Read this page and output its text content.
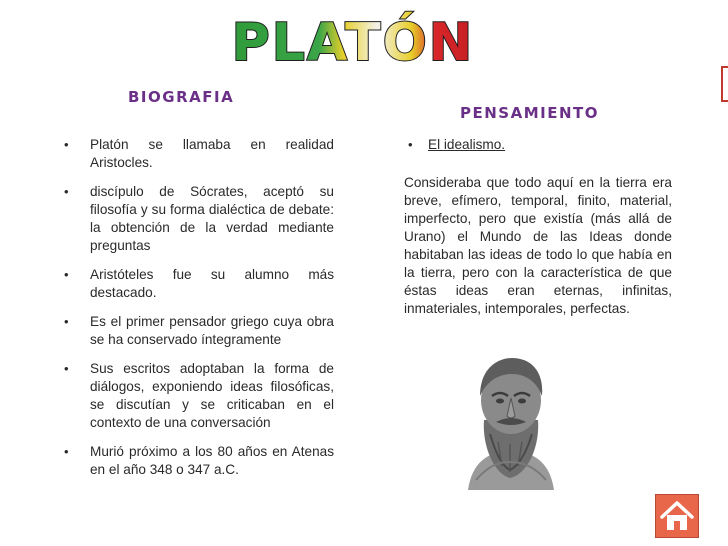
PLATÓN
BIOGRAFIA
PENSAMIENTO
• Platón se llamaba en realidad Aristocles.
• discípulo de Sócrates, aceptó su filosofía y su forma dialéctica de debate: la obtención de la verdad mediante preguntas
• Aristóteles fue su alumno más destacado.
• Es el primer pensador griego cuya obra se ha conservado íntegramente
• Sus escritos adoptaban la forma de diálogos, exponiendo ideas filosóficas, se discutían y se criticaban en el contexto de una conversación
• Murió próximo a los 80 años en Atenas en el año 348 o 347 a.C.
• El idealismo.
Consideraba que todo aquí en la tierra era breve, efímero, temporal, finito, material, imperfecto, pero que existía (más allá de Urano) el Mundo de las Ideas donde habitaban las ideas de todo lo que había en la tierra, pero con la característica de que éstas ideas eran eternas, infinitas, inmateriales, intemporales, perfectas.
